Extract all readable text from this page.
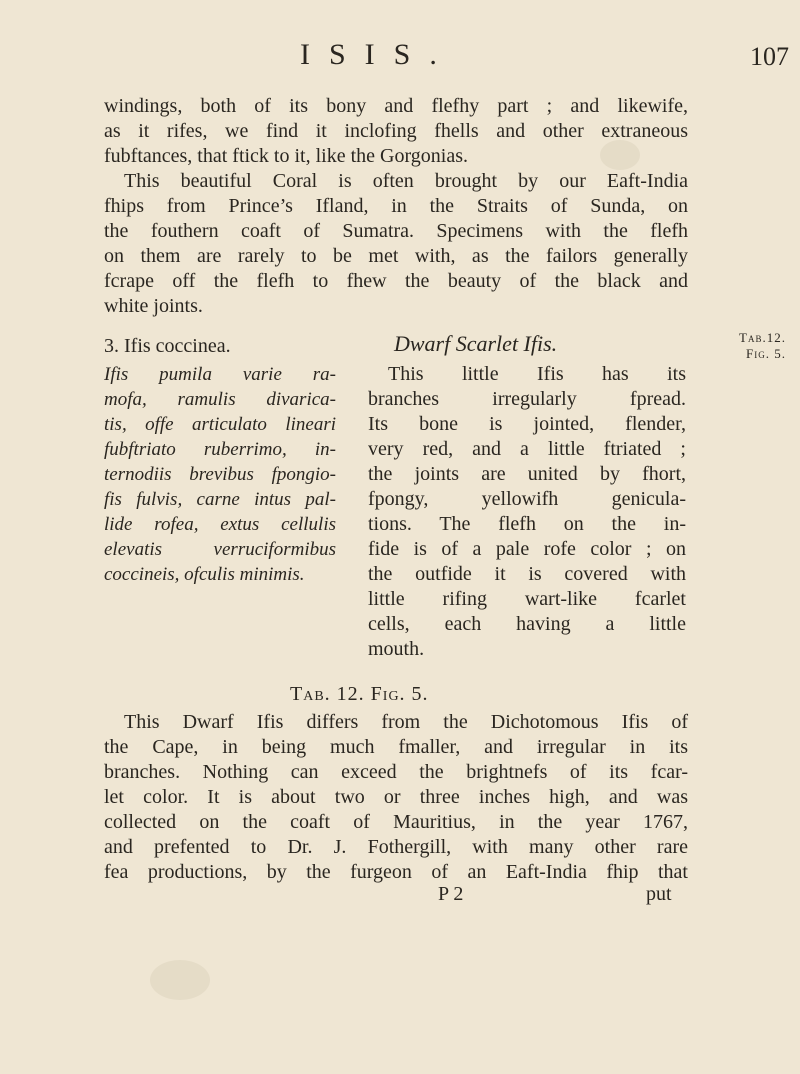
ISIS.	107

windings, both of its bony and flefhy part ; and likewife,
as it rifes, we find it inclofing fhells and other extraneous
fubftances, that ftick to it, like the Gorgonias.
This beautiful Coral is often brought by our Eaft-India
fhips from Prince’s Ifland, in the Straits of Sunda, on
the fouthern coaft of Sumatra. Specimens with the flefh
on them are rarely to be met with, as the failors generally
fcrape off the flefh to fhew the beauty of the black and
white joints.

3. Ifis coccinea.	Dwarf Scarlet Ifis.	Tab.12.
Fig. 5.
Ifis pumila varie ra-
mofa, ramulis divarica-
tis, offe articulato lineari
fubftriato ruberrimo, in-
ternodiis brevibus fpongio-
fis fulvis, carne intus pal-
lide rofea, extus cellulis
elevatis verruciformibus
coccineis, ofculis minimis.
This little Ifis has its
branches irregularly fpread.
Its bone is jointed, flender,
very red, and a little ftriated ;
the joints are united by fhort,
fpongy, yellowifh genicula-
tions. The flefh on the in-
fide is of a pale rofe color ; on
the outfide it is covered with
little rifing wart-like fcarlet
cells, each having a little
mouth.
Tab. 12. Fig. 5.

This Dwarf Ifis differs from the Dichotomous Ifis of
the Cape, in being much fmaller, and irregular in its
branches. Nothing can exceed the brightnefs of its fcar-
let color. It is about two or three inches high, and was
collected on the coaft of Mauritius, in the year 1767,
and prefented to Dr. J. Fothergill, with many other rare
fea productions, by the furgeon of an Eaft-India fhip that

P 2	put
